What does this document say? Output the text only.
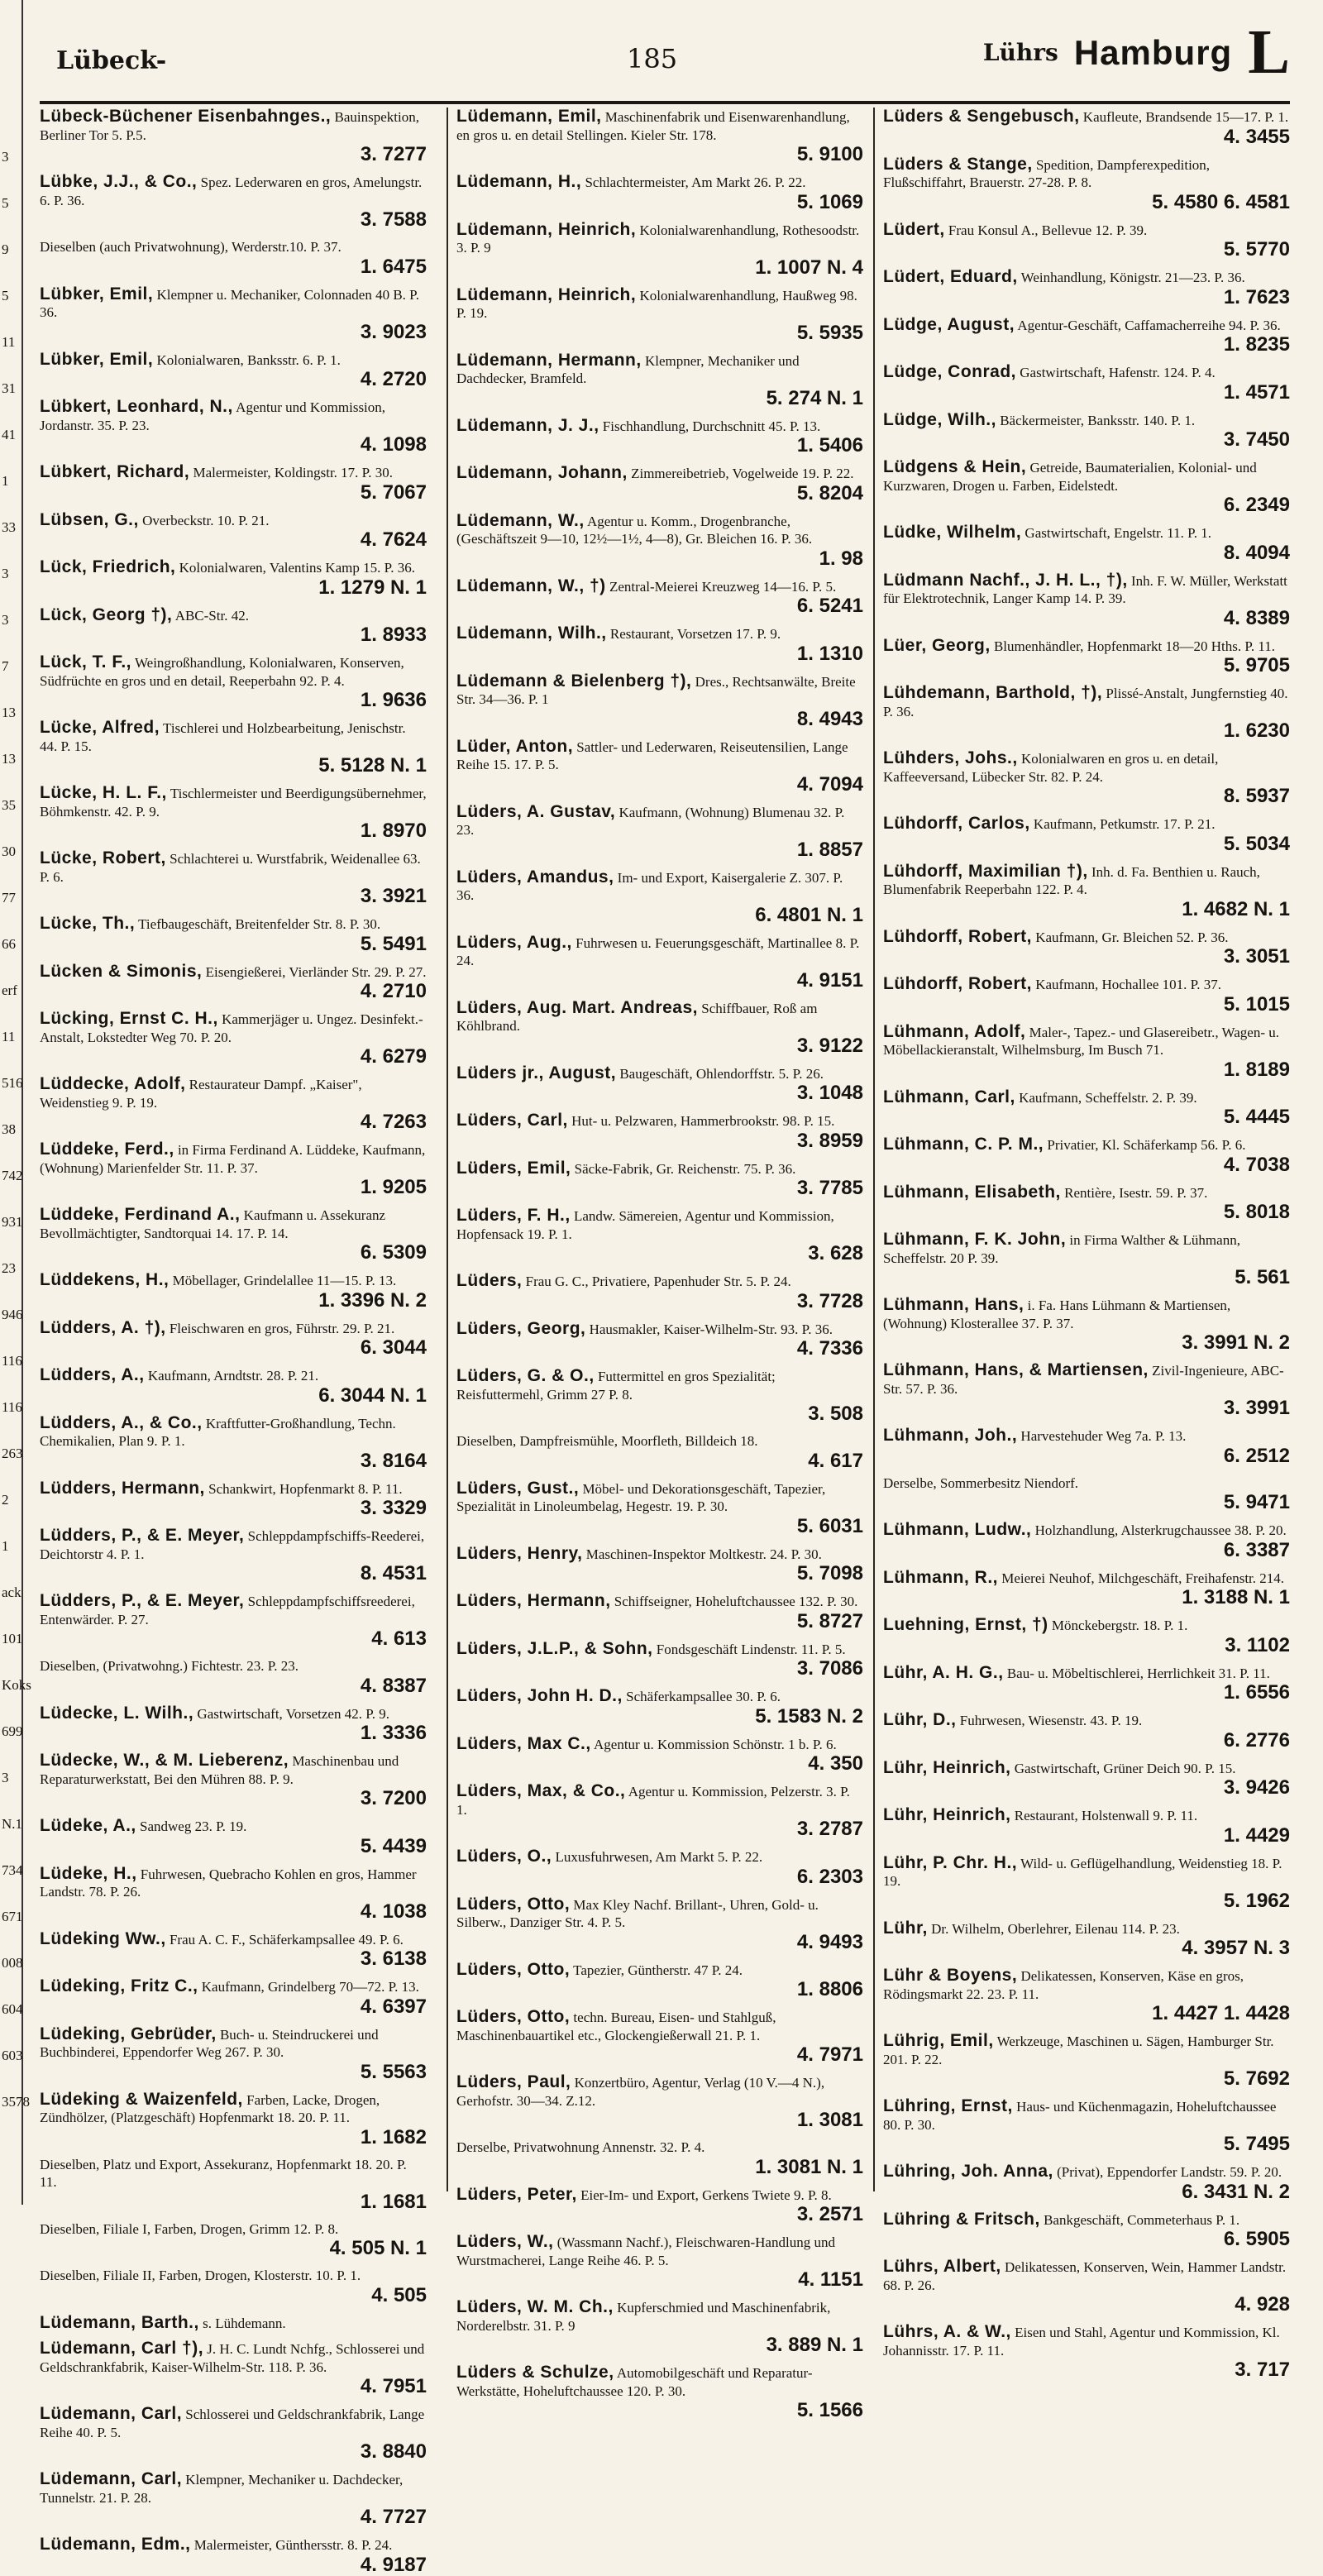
3
5
9
5
11
31
41
1
33
3
3
7
13
13
35
30
77
66
erf
11
516
38
742
931
23
946
116
116
263
2
1
ack
101
Koks
699
3
N.1
734
671
008
604
603
3578
Lübeck-	185	Lührs Hamburg L
Lübeck-Büchener Eisenbahnges., Bauinspektion, Berliner Tor 5. P.5.
3. 7277
Lübke, J.J., & Co., Spez. Lederwaren en gros, Amelungstr. 6. P. 36.
3. 7588
Dieselben (auch Privatwohnung), Werderstr.10. P. 37.
1. 6475
Lübker, Emil, Klempner u. Mechaniker, Colonnaden 40 B. P. 36.
3. 9023
Lübker, Emil, Kolonialwaren, Banksstr. 6. P. 1.
4. 2720
Lübkert, Leonhard, N., Agentur und Kommission, Jordanstr. 35. P. 23.
4. 1098
Lübkert, Richard, Malermeister, Koldingstr. 17. P. 30.
5. 7067
Lübsen, G., Overbeckstr. 10. P. 21.
4. 7624
Lück, Friedrich, Kolonialwaren, Valentins Kamp 15. P. 36.
1. 1279 N. 1
Lück, Georg †), ABC-Str. 42.
1. 8933
Lück, T. F., Weingroßhandlung, Kolonialwaren, Konserven, Südfrüchte en gros und en detail, Reeperbahn 92. P. 4.
1. 9636
Lücke, Alfred, Tischlerei und Holzbearbeitung, Jenischstr. 44. P. 15.
5. 5128 N. 1
Lücke, H. L. F., Tischlermeister und Beerdigungsübernehmer, Böhmkenstr. 42. P. 9.
1. 8970
Lücke, Robert, Schlachterei u. Wurstfabrik, Weidenallee 63. P. 6.
3. 3921
Lücke, Th., Tiefbaugeschäft, Breitenfelder Str. 8. P. 30.
5. 5491
Lücken & Simonis, Eisengießerei, Vierländer Str. 29. P. 27.
4. 2710
Lücking, Ernst C. H., Kammerjäger u. Ungez. Desinfekt.-Anstalt, Lokstedter Weg 70. P. 20.
4. 6279
Lüddecke, Adolf, Restaurateur Dampf. „Kaiser", Weidenstieg 9. P. 19.
4. 7263
Lüddeke, Ferd., in Firma Ferdinand A. Lüddeke, Kaufmann, (Wohnung) Marienfelder Str. 11. P. 37.
1. 9205
Lüddeke, Ferdinand A., Kaufmann u. Assekuranz Bevollmächtigter, Sandtorquai 14. 17. P. 14.
6. 5309
Lüddekens, H., Möbellager, Grindelallee 11—15. P. 13.
1. 3396 N. 2
Lüdders, A. †), Fleischwaren en gros, Führstr. 29. P. 21.
6. 3044
Lüdders, A., Kaufmann, Arndtstr. 28. P. 21.
6. 3044 N. 1
Lüdders, A., & Co., Kraftfutter-Großhandlung, Techn. Chemikalien, Plan 9. P. 1.
3. 8164
Lüdders, Hermann, Schankwirt, Hopfenmarkt 8. P. 11.
3. 3329
Lüdders, P., & E. Meyer, Schleppdampfschiffs-Reederei, Deichtorstr 4. P. 1.
8. 4531
Lüdders, P., & E. Meyer, Schleppdampfschiffsreederei, Entenwärder. P. 27.
4. 613
Dieselben, (Privatwohng.) Fichtestr. 23. P. 23.
4. 8387
Lüdecke, L. Wilh., Gastwirtschaft, Vorsetzen 42. P. 9.
1. 3336
Lüdecke, W., & M. Lieberenz, Maschinenbau und Reparaturwerkstatt, Bei den Mühren 88. P. 9.
3. 7200
Lüdeke, A., Sandweg 23. P. 19.
5. 4439
Lüdeke, H., Fuhrwesen, Quebracho Kohlen en gros, Hammer Landstr. 78. P. 26.
4. 1038
Lüdeking Ww., Frau A. C. F., Schäferkampsallee 49. P. 6.
3. 6138
Lüdeking, Fritz C., Kaufmann, Grindelberg 70—72. P. 13.
4. 6397
Lüdeking, Gebrüder, Buch- u. Steindruckerei und Buchbinderei, Eppendorfer Weg 267. P. 30.
5. 5563
Lüdeking & Waizenfeld, Farben, Lacke, Drogen, Zündhölzer, (Platzgeschäft) Hopfenmarkt 18. 20. P. 11.
1. 1682
Dieselben, Platz und Export, Assekuranz, Hopfenmarkt 18. 20. P. 11.
1. 1681
Dieselben, Filiale I, Farben, Drogen, Grimm 12. P. 8.
4. 505 N. 1
Dieselben, Filiale II, Farben, Drogen, Klosterstr. 10. P. 1.
4. 505
Lüdemann, Barth., s. Lühdemann.
Lüdemann, Carl †), J. H. C. Lundt Nchfg., Schlosserei und Geldschrankfabrik, Kaiser-Wilhelm-Str. 118. P. 36.
4. 7951
Lüdemann, Carl, Schlosserei und Geldschrankfabrik, Lange Reihe 40. P. 5.
3. 8840
Lüdemann, Carl, Klempner, Mechaniker u. Dachdecker, Tunnelstr. 21. P. 28.
4. 7727
Lüdemann, Edm., Malermeister, Günthersstr. 8. P. 24.
4. 9187
Lüdemann, Emil, Maschinenfabrik und Eisenwarenhandlung, en gros u. en detail Stellingen. Kieler Str. 178.
5. 9100
Lüdemann, H., Schlachtermeister, Am Markt 26. P. 22.
5. 1069
Lüdemann, Heinrich, Kolonialwarenhandlung, Rothesoodstr. 3. P. 9
1. 1007 N. 4
Lüdemann, Heinrich, Kolonialwarenhandlung, Haußweg 98. P. 19.
5. 5935
Lüdemann, Hermann, Klempner, Mechaniker und Dachdecker, Bramfeld.
5. 274 N. 1
Lüdemann, J. J., Fischhandlung, Durchschnitt 45. P. 13.
1. 5406
Lüdemann, Johann, Zimmereibetrieb, Vogelweide 19. P. 22.
5. 8204
Lüdemann, W., Agentur u. Komm., Drogenbranche, (Geschäftszeit 9—10, 12½—1½, 4—8), Gr. Bleichen 16. P. 36.
1. 98
Lüdemann, W., †) Zentral-Meierei Kreuzweg 14—16. P. 5.
6. 5241
Lüdemann, Wilh., Restaurant, Vorsetzen 17. P. 9.
1. 1310
Lüdemann & Bielenberg †), Dres., Rechtsanwälte, Breite Str. 34—36. P. 1
8. 4943
Lüder, Anton, Sattler- und Lederwaren, Reiseutensilien, Lange Reihe 15. 17. P. 5.
4. 7094
Lüders, A. Gustav, Kaufmann, (Wohnung) Blumenau 32. P. 23.
1. 8857
Lüders, Amandus, Im- und Export, Kaisergalerie Z. 307. P. 36.
6. 4801 N. 1
Lüders, Aug., Fuhrwesen u. Feuerungsgeschäft, Martinallee 8. P. 24.
4. 9151
Lüders, Aug. Mart. Andreas, Schiffbauer, Roß am Köhlbrand.
3. 9122
Lüders jr., August, Baugeschäft, Ohlendorffstr. 5. P. 26.
3. 1048
Lüders, Carl, Hut- u. Pelzwaren, Hammerbrookstr. 98. P. 15.
3. 8959
Lüders, Emil, Säcke-Fabrik, Gr. Reichenstr. 75. P. 36.
3. 7785
Lüders, F. H., Landw. Sämereien, Agentur und Kommission, Hopfensack 19. P. 1.
3. 628
Lüders, Frau G. C., Privatiere, Papenhuder Str. 5. P. 24.
3. 7728
Lüders, Georg, Hausmakler, Kaiser-Wilhelm-Str. 93. P. 36.
4. 7336
Lüders, G. & O., Futtermittel en gros Spezialität; Reisfuttermehl, Grimm 27 P. 8.
3. 508
Dieselben, Dampfreismühle, Moorfleth, Billdeich 18.
4. 617
Lüders, Gust., Möbel- und Dekorationsgeschäft, Tapezier, Spezialität in Linoleumbelag, Hegestr. 19. P. 30.
5. 6031
Lüders, Henry, Maschinen-Inspektor Moltkestr. 24. P. 30.
5. 7098
Lüders, Hermann, Schiffseigner, Hoheluftchaussee 132. P. 30.
5. 8727
Lüders, J.L.P., & Sohn, Fondsgeschäft Lindenstr. 11. P. 5.
3. 7086
Lüders, John H. D., Schäferkampsallee 30. P. 6.
5. 1583 N. 2
Lüders, Max C., Agentur u. Kommission Schönstr. 1 b. P. 6.
4. 350
Lüders, Max, & Co., Agentur u. Kommission, Pelzerstr. 3. P. 1.
3. 2787
Lüders, O., Luxusfuhrwesen, Am Markt 5. P. 22.
6. 2303
Lüders, Otto, Max Kley Nachf. Brillant-, Uhren, Gold- u. Silberw., Danziger Str. 4. P. 5.
4. 9493
Lüders, Otto, Tapezier, Güntherstr. 47 P. 24.
1. 8806
Lüders, Otto, techn. Bureau, Eisen- und Stahlguß, Maschinenbauartikel etc., Glockengießerwall 21. P. 1.
4. 7971
Lüders, Paul, Konzertbüro, Agentur, Verlag (10 V.—4 N.), Gerhofstr. 30—34. Z.12.
1. 3081
Derselbe, Privatwohnung Annenstr. 32. P. 4.
1. 3081 N. 1
Lüders, Peter, Eier-Im- und Export, Gerkens Twiete 9. P. 8.
3. 2571
Lüders, W., (Wassmann Nachf.), Fleischwaren-Handlung und Wurstmacherei, Lange Reihe 46. P. 5.
4. 1151
Lüders, W. M. Ch., Kupferschmied und Maschinenfabrik, Norderelbstr. 31. P. 9
3. 889 N. 1
Lüders & Schulze, Automobilgeschäft und Reparatur-Werkstätte, Hoheluftchaussee 120. P. 30.
5. 1566
Lüders & Sengebusch, Kaufleute, Brandsende 15—17. P. 1.
4. 3455
Lüders & Stange, Spedition, Dampferexpedition, Flußschiffahrt, Brauerstr. 27-28. P. 8.
5. 4580 6. 4581
Lüdert, Frau Konsul A., Bellevue 12. P. 39.
5. 5770
Lüdert, Eduard, Weinhandlung, Königstr. 21—23. P. 36.
1. 7623
Lüdge, August, Agentur-Geschäft, Caffamacherreihe 94. P. 36.
1. 8235
Lüdge, Conrad, Gastwirtschaft, Hafenstr. 124. P. 4.
1. 4571
Lüdge, Wilh., Bäckermeister, Banksstr. 140. P. 1.
3. 7450
Lüdgens & Hein, Getreide, Baumaterialien, Kolonial- und Kurzwaren, Drogen u. Farben, Eidelstedt.
6. 2349
Lüdke, Wilhelm, Gastwirtschaft, Engelstr. 11. P. 1.
8. 4094
Lüdmann Nachf., J. H. L., †), Inh. F. W. Müller, Werkstatt für Elektrotechnik, Langer Kamp 14. P. 39.
4. 8389
Lüer, Georg, Blumenhändler, Hopfenmarkt 18—20 Hths. P. 11.
5. 9705
Lühdemann, Barthold, †), Plissé-Anstalt, Jungfernstieg 40. P. 36.
1. 6230
Lühders, Johs., Kolonialwaren en gros u. en detail, Kaffeeversand, Lübecker Str. 82. P. 24.
8. 5937
Lühdorff, Carlos, Kaufmann, Petkumstr. 17. P. 21.
5. 5034
Lühdorff, Maximilian †), Inh. d. Fa. Benthien u. Rauch, Blumenfabrik Reeperbahn 122. P. 4.
1. 4682 N. 1
Lühdorff, Robert, Kaufmann, Gr. Bleichen 52. P. 36.
3. 3051
Lühdorff, Robert, Kaufmann, Hochallee 101. P. 37.
5. 1015
Lühmann, Adolf, Maler-, Tapez.- und Glasereibetr., Wagen- u. Möbellackieranstalt, Wilhelmsburg, Im Busch 71.
1. 8189
Lühmann, Carl, Kaufmann, Scheffelstr. 2. P. 39.
5. 4445
Lühmann, C. P. M., Privatier, Kl. Schäferkamp 56. P. 6.
4. 7038
Lühmann, Elisabeth, Rentière, Isestr. 59. P. 37.
5. 8018
Lühmann, F. K. John, in Firma Walther & Lühmann, Scheffelstr. 20 P. 39.
5. 561
Lühmann, Hans, i. Fa. Hans Lühmann & Martiensen, (Wohnung) Klosterallee 37. P. 37.
3. 3991 N. 2
Lühmann, Hans, & Martiensen, Zivil-Ingenieure, ABC-Str. 57. P. 36.
3. 3991
Lühmann, Joh., Harvestehuder Weg 7a. P. 13.
6. 2512
Derselbe, Sommerbesitz Niendorf.
5. 9471
Lühmann, Ludw., Holzhandlung, Alsterkrugchaussee 38. P. 20.
6. 3387
Lühmann, R., Meierei Neuhof, Milchgeschäft, Freihafenstr. 214.
1. 3188 N. 1
Luehning, Ernst, †) Mönckebergstr. 18. P. 1.
3. 1102
Lühr, A. H. G., Bau- u. Möbeltischlerei, Herrlichkeit 31. P. 11.
1. 6556
Lühr, D., Fuhrwesen, Wiesenstr. 43. P. 19.
6. 2776
Lühr, Heinrich, Gastwirtschaft, Grüner Deich 90. P. 15.
3. 9426
Lühr, Heinrich, Restaurant, Holstenwall 9. P. 11.
1. 4429
Lühr, P. Chr. H., Wild- u. Geflügelhandlung, Weidenstieg 18. P. 19.
5. 1962
Lühr, Dr. Wilhelm, Oberlehrer, Eilenau 114. P. 23.
4. 3957 N. 3
Lühr & Boyens, Delikatessen, Konserven, Käse en gros, Rödingsmarkt 22. 23. P. 11.
1. 4427 1. 4428
Lührig, Emil, Werkzeuge, Maschinen u. Sägen, Hamburger Str. 201. P. 22.
5. 7692
Lühring, Ernst, Haus- und Küchenmagazin, Hoheluftchaussee 80. P. 30.
5. 7495
Lühring, Joh. Anna, (Privat), Eppendorfer Landstr. 59. P. 20.
6. 3431 N. 2
Lühring & Fritsch, Bankgeschäft, Commeterhaus P. 1.
6. 5905
Lührs, Albert, Delikatessen, Konserven, Wein, Hammer Landstr. 68. P. 26.
4. 928
Lührs, A. & W., Eisen und Stahl, Agentur und Kommission, Kl. Johannisstr. 17. P. 11.
3. 717
